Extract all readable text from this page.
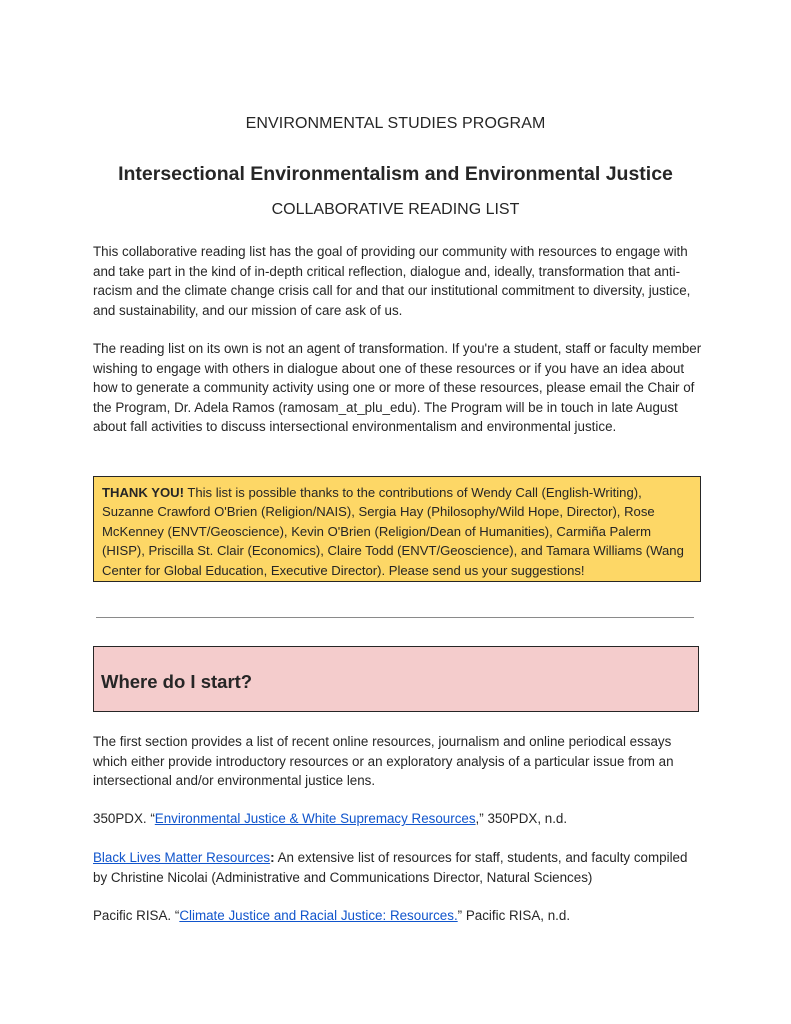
ENVIRONMENTAL STUDIES PROGRAM
Intersectional Environmentalism and Environmental Justice
COLLABORATIVE READING LIST

This collaborative reading list has the goal of providing our community with resources to engage with and take part in the kind of in-depth critical reflection, dialogue and, ideally, transformation that anti-racism and the climate change crisis call for and that our institutional commitment to diversity, justice, and sustainability, and our mission of care ask of us.

The reading list on its own is not an agent of transformation. If you're a student, staff or faculty member wishing to engage with others in dialogue about one of these resources or if you have an idea about how to generate a community activity using one or more of these resources, please email the Chair of the Program, Dr. Adela Ramos (ramosam_at_plu_edu). The Program will be in touch in late August about fall activities to discuss intersectional environmentalism and environmental justice.

THANK YOU! This list is possible thanks to the contributions of Wendy Call (English-Writing), Suzanne Crawford O'Brien (Religion/NAIS), Sergia Hay (Philosophy/Wild Hope, Director), Rose McKenney (ENVT/Geoscience), Kevin O'Brien (Religion/Dean of Humanities), Carmiña Palerm (HISP), Priscilla St. Clair (Economics), Claire Todd (ENVT/Geoscience), and Tamara Williams (Wang Center for Global Education, Executive Director). Please send us your suggestions!
Where do I start?

The first section provides a list of recent online resources, journalism and online periodical essays which either provide introductory resources or an exploratory analysis of a particular issue from an intersectional and/or environmental justice lens.

350PDX. “Environmental Justice & White Supremacy Resources,” 350PDX, n.d.
Black Lives Matter Resources: An extensive list of resources for staff, students, and faculty compiled by Christine Nicolai (Administrative and Communications Director, Natural Sciences)
Pacific RISA. “Climate Justice and Racial Justice: Resources.” Pacific RISA, n.d.
